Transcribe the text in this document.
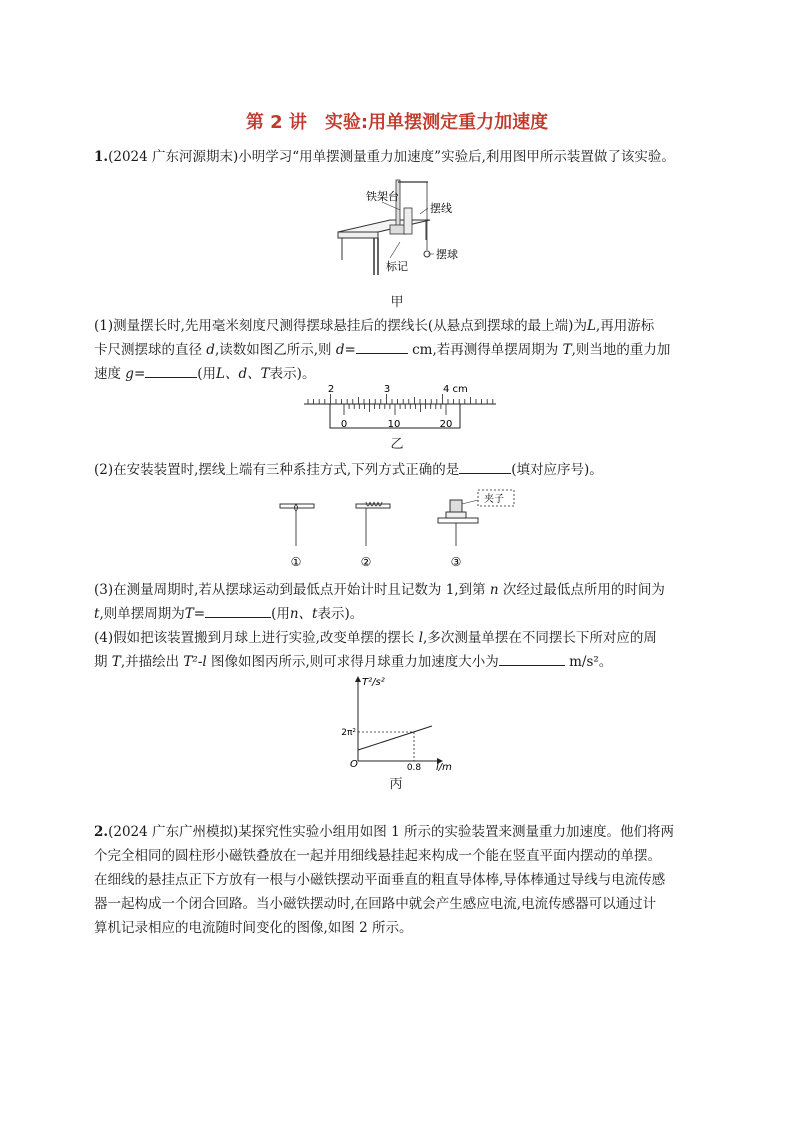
第 2 讲　实验:用单摆测定重力加速度
1.(2024 广东河源期末)小明学习“用单摆测量重力加速度”实验后,利用图甲所示装置做了该实验。
铁架台
摆线
标记
摆球
甲
(1)测量摆长时,先用毫米刻度尺测得摆球悬挂后的摆线长(从悬点到摆球的最上端)为L,再用游标
卡尺测摆球的直径 d,读数如图乙所示,则 d=	cm,若再测得单摆周期为 T,则当地的重力加
速度 g=	(用L、d、T表示)。
2	3	4 cm
0	10	20
乙
(2)在安装装置时,摆线上端有三种系挂方式,下列方式正确的是	(填对应序号)。
夹子
①	②	③
(3)在测量周期时,若从摆球运动到最低点开始计时且记数为 1,到第 n 次经过最低点所用的时间为
t,则单摆周期为T=	(用n、t表示)。
(4)假如把该装置搬到月球上进行实验,改变单摆的摆长 l,多次测量单摆在不同摆长下所对应的周
期 T,并描绘出 T²-l 图像如图丙所示,则可求得月球重力加速度大小为	m/s²。
T²/s²
2π²
O	0.8 l/m
丙
2.(2024 广东广州模拟)某探究性实验小组用如图 1 所示的实验装置来测量重力加速度。他们将两
个完全相同的圆柱形小磁铁叠放在一起并用细线悬挂起来构成一个能在竖直平面内摆动的单摆。
在细线的悬挂点正下方放有一根与小磁铁摆动平面垂直的粗直导体棒,导体棒通过导线与电流传感
器一起构成一个闭合回路。当小磁铁摆动时,在回路中就会产生感应电流,电流传感器可以通过计
算机记录相应的电流随时间变化的图像,如图 2 所示。
